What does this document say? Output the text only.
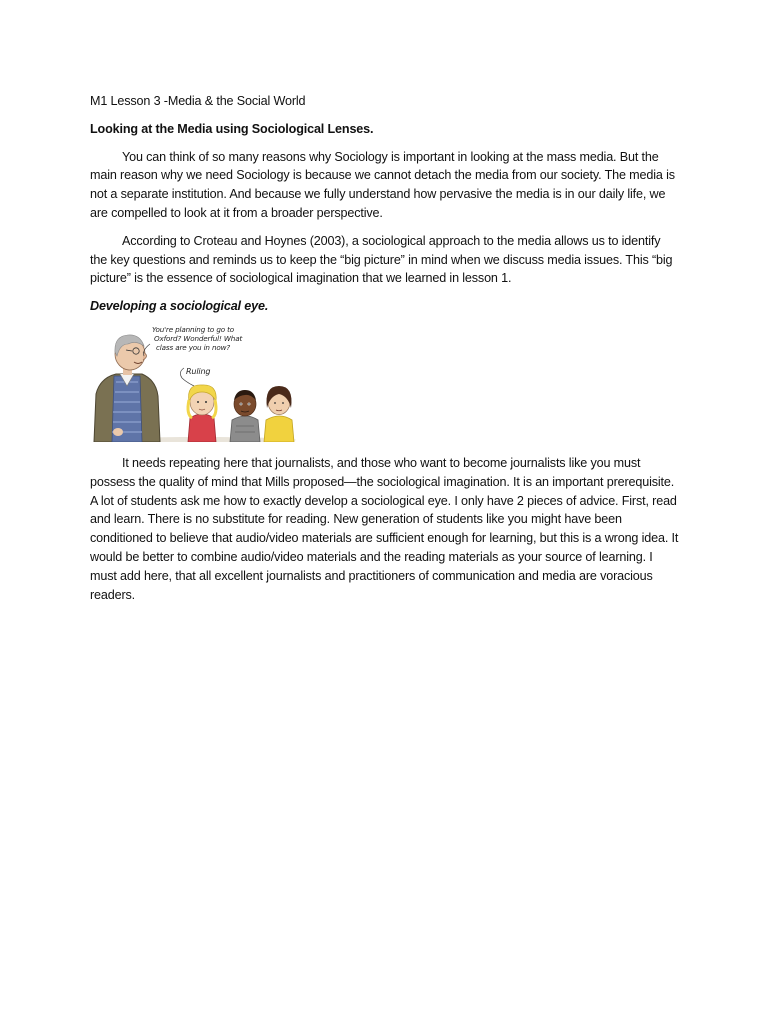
M1 Lesson 3 -Media & the Social World

Looking at the Media using Sociological Lenses.

You can think of so many reasons why Sociology is important in looking at the mass media. But the main reason why we need Sociology is because we cannot detach the media from our society. The media is not a separate institution. And because we fully understand how pervasive the media is in our daily life, we are compelled to look at it from a broader perspective.

According to Croteau and Hoynes (2003), a sociological approach to the media allows us to identify the key questions and reminds us to keep the “big picture” in mind when we discuss media issues. This “big picture” is the essence of sociological imagination that we learned in lesson 1.

Developing a sociological eye.

You're planning to go to
Oxford? Wonderful! What
class are you in now?
Ruling

It needs repeating here that journalists, and those who want to become journalists like you must possess the quality of mind that Mills proposed—the sociological imagination. It is an important prerequisite. A lot of students ask me how to exactly develop a sociological eye. I only have 2 pieces of advice. First, read and learn. There is no substitute for reading. New generation of students like you might have been conditioned to believe that audio/video materials are sufficient enough for learning, but this is a wrong idea. It would be better to combine audio/video materials and the reading materials as your source of learning. I must add here, that all excellent journalists and practitioners of communication and media are voracious readers.
